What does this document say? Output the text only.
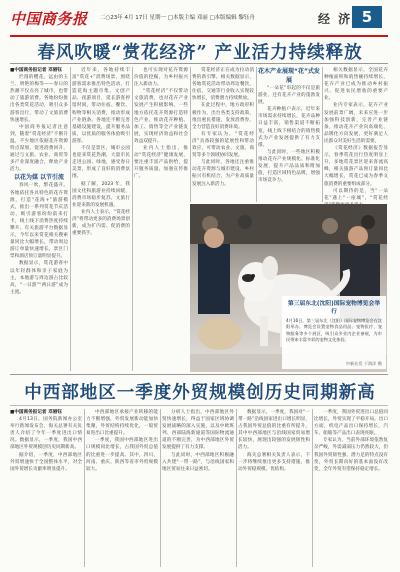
中国商务报 二○23年 4月 17日 星期一 □本版主编 邓丽 □本版编辑 黎钰舟	经 济 5
春风吹暖“赏花经济” 产业活力持续释放

■中国商务报记者 邓丽钰

烂漫的樱花、远由的玉兰、明艳的梅等——春日的热潮不仅点亮了城市，也带动了旅游消费。各地纷纷推出各类赏花活动，吸引众多游客出行，带动了文旅消费快速增长。

中国商务报记者注意到，随着“赏花经济”不断升温，不少地区依据花卉资源特点谋划，促进消费回升，通过与文旅、农业、商贸等多产业深度融合，释放产业活力。

以花为媒 以节引流

春风一吹，繁花盛开。各地依托各具特色的花卉资源，打造“花海+”旅游模式，推出一系列赏花节庆活动，吸引游客纷纷前来打卡，线上线下消费热度持续攀升。有关旅游平台数据显示，今年以来赏花相关搜索量同比大幅增长，带动周边游订单量快速增长，景区门票和酒店预订量明显提升。

数据显示，赏花游客中以年轻群体和亲子家庭为主，本地游与周边游占比较高，“一日游”“两日游”成为主流。

近年来，各地持续丰富“赏花+”消费场景，围绕游客需求推出特色活动，打造花海主题市集、文创产品、夜游项目，延长游客停留时间，带动住宿、餐饮、购物等相关消费，推动形成产业链条。各地还不断完善基础设施建设，提升服务品质，以优质的服务体验吸引游客。

不仅是景区，城市公园也迎来赏花热潮，大量市民走进公园、绿地，感受春日美景，形成了良好的消费氛围。

据了解，2023 年，我国文化和旅游业持续回暖，消费市场稳步复苏，文旅行业迎来新的发展机遇。

业内人士表示，“赏花经济”将带动更多的消费场景创新，成为扩内需、促消费的重要抓手。

也可实现对花卉资源价值的挖掘，为乡村振兴注入新动力。

“赏花经济”不仅带动文旅消费，也对花卉产业发展产生积极影响。一些地方依托花卉资源打造特色产业，推动花卉种植、加工、销售等全产业链发展，实现经济效益和社会效益双提升。

业内人士指出，推动“赏花经济”健康发展，要注重丰富产品供给，提升服务质量，加强宣传推广。

赏花经济正在成为拉动消费的新引擎。相关数据显示，各地赏花活动带动周边餐饮、住宿、交通等行业收入实现较快增长，消费潜力持续释放。

在此过程中，地方政府积极作为，出台各类支持政策，推出惠民措施，发放消费券，全力营造良好消费环境。

有专家认为，“赏花经济”具备较强的延展性和带动效应，可带动农业、文旅、商贸等多个领域协同发展。

与此同时，各地还注重推动花卉资源与城市建设、乡村振兴有机结合，为产业高质量发展注入新活力。

花木产业展现“花”式发展

“一朵花”串起的不仅是旅游业，还有花卉产业的蓬勃发展。

花卉种植户表示，近年来市场需求持续增长，花卉品种日益丰富，销售渠道不断拓宽，线上线下相结合的销售模式为产业发展提供了有力支撑。

与此同时，一些地区积极推动花卉产业规模化、标准化发展，提升产品品质和附加值，打造区域特色品牌，增强市场竞争力。

相关数据显示，全国花卉种植面积和销售额持续增长，花卉产业已成为推动乡村振兴、促进农民增收的重要产业。

业内专家表示，花卉产业发展前景广阔，未来应进一步加强科技创新，完善产业链条，推动花卉产业向高端化、品牌化方向发展，更好满足人民群众对美好生活的需要。

《赏花经济》数据报告显示，春季赏花出行热度明显上升，多地赏花景区迎来客流高峰，相关旅游产品预订量同比大幅增长，赏花已成为春季文旅消费的重要组成部分。

可以期待的是，当“一朵花”遇上“一座城”，“赏花经

第三届东北(沈阳)国际宠物博览会举行
4月16日，第三届东北（沈阳）国际宠物博览会在沈阳举办。博览会设置宠物食品用品、宠物医疗、宠物服务等多个展区，吸引众多业内企业参展，为市民带来丰富多彩的宠物文化体验。
中新社发 于海洋 摄
中西部地区一季度外贸规模创历史同期新高

■中国商务报记者 邓丽钰

4月13日，国务院新闻办公室举行新闻发布会，海关总署有关负责人介绍了今年一季度进出口情况。数据显示，一季度，我国中西部地区外贸规模创历史同期新高。

据介绍，一季度，中西部地区外贸增速快于全国整体水平，对全国外贸增长贡献率明显提升。

中西部地区承接产业转移的能力不断增强，外贸发展新动能加快集聚，外贸结构持续优化，一般贸易进出口比重提升。

一季度，我国中西部地区进出口规模同比增长，占我国外贸总值的比重进一步提高。其中，四川、河南、重庆、陕西等省市外贸规模较大。

分析人士指出，中西部地区外贸快速增长，得益于国家区域协调发展战略的深入实施，以及中欧班列、西部陆海新通道等国际物流通道的不断完善，为中西部地区外贸发展提供了有力支撑。

与此同时，中西部地区积极融入共建“一带一路”，与沿线国家和地区贸易往来日益密切。

数据显示，一季度，我国对“一带一路”沿线国家进出口增长明显，占我国外贸总值的比重有所提升，其中中西部地区与沿线国家贸易增长较快，展现出较强的发展韧性和活力。

海关总署相关负责人表示，下一步将继续推出更多支持措施，推动外贸稳规模、优结构。

一季度，我国外贸进出口总值同比增长，外贸实现了平稳开局。出口方面，机电产品出口保持增长，汽车、船舶等产品出口表现亮眼。

专家认为，当前外部环境依然复杂严峻，外需减弱压力仍然较大，但我国外贸韧性强、潜力足的特点没有变，外贸长期向好的基本面没有改变，全年外贸有望保持稳定增长。
